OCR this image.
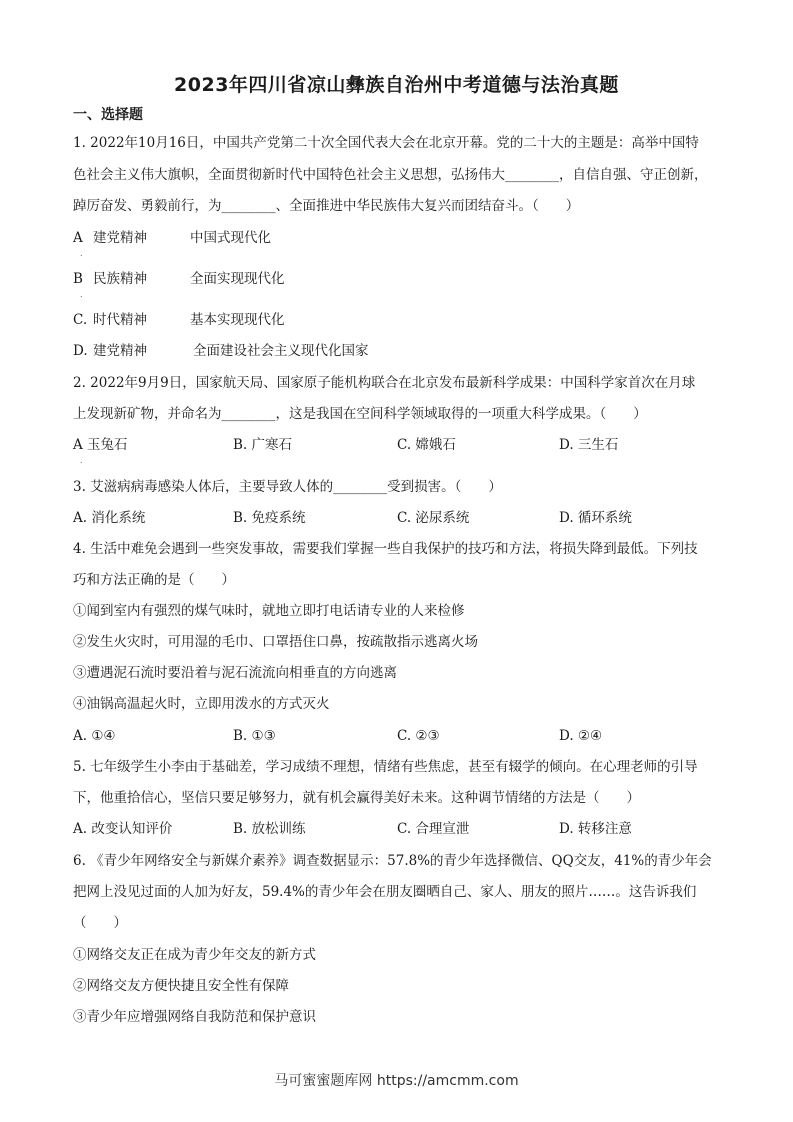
2023年四川省凉山彝族自治州中考道德与法治真题
一、选择题
1. 2022年10月16日，中国共产党第二十次全国代表大会在北京开幕。党的二十大的主题是：高举中国特
色社会主义伟大旗帜，全面贯彻新时代中国特色社会主义思想，弘扬伟大________，自信自强、守正创新，
踔厉奋发、勇毅前行，为________、全面推进中华民族伟大复兴而团结奋斗。（　　）
A 建党精神	中国式现代化
.
B 民族精神	全面实现现代化
.
C. 时代精神	基本实现现代化
D. 建党精神	全面建设社会主义现代化国家
2. 2022年9月9日，国家航天局、国家原子能机构联合在北京发布最新科学成果：中国科学家首次在月球
上发现新矿物，并命名为________，这是我国在空间科学领域取得的一项重大科学成果。（　　）
A 玉兔石	B. 广寒石	C. 嫦娥石	D. 三生石
.
3. 艾滋病病毒感染人体后，主要导致人体的________受到损害。（　　）
A. 消化系统	B. 免疫系统	C. 泌尿系统	D. 循环系统
4. 生活中难免会遇到一些突发事故，需要我们掌握一些自我保护的技巧和方法，将损失降到最低。下列技
巧和方法正确的是（　　）
①闻到室内有强烈的煤气味时，就地立即打电话请专业的人来检修
②发生火灾时，可用湿的毛巾、口罩捂住口鼻，按疏散指示逃离火场
③遭遇泥石流时要沿着与泥石流流向相垂直的方向逃离
④油锅高温起火时，立即用泼水的方式灭火
A. ①④	B. ①③	C. ②③	D. ②④
5. 七年级学生小李由于基础差，学习成绩不理想，情绪有些焦虑，甚至有辍学的倾向。在心理老师的引导
下，他重拾信心，坚信只要足够努力，就有机会赢得美好未来。这种调节情绪的方法是（　　）
A. 改变认知评价	B. 放松训练	C. 合理宣泄	D. 转移注意
6. 《青少年网络安全与新媒介素养》调查数据显示：57.8%的青少年选择微信、QQ交友，41%的青少年会
把网上没见过面的人加为好友，59.4%的青少年会在朋友圈晒自己、家人、朋友的照片……。这告诉我们
（　　）
①网络交友正在成为青少年交友的新方式
②网络交友方便快捷且安全性有保障
③青少年应增强网络自我防范和保护意识
马可蜜蜜题库网 https://amcmm.com
